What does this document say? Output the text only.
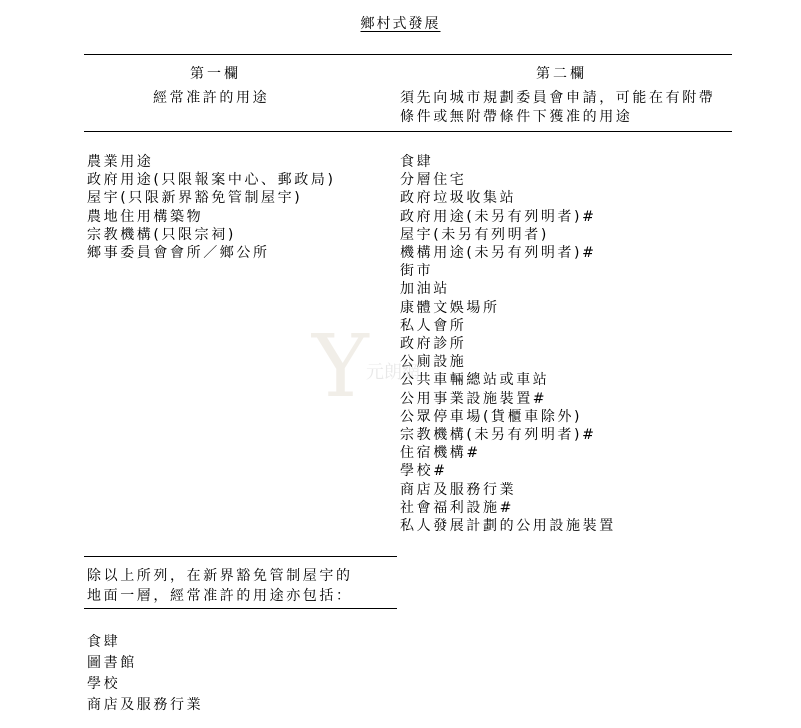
鄉村式發展
第一欄	第二欄
經常准許的用途	須先向城市規劃委員會申請，可能在有附帶
條件或無附帶條件下獲准的用途
農業用途
政府用途(只限報案中心、郵政局)
屋宇(只限新界豁免管制屋宇)
農地住用構築物
宗教機構(只限宗祠)
鄉事委員會會所／鄉公所
食肆
分層住宅
政府垃圾收集站
政府用途(未另有列明者)#
屋宇(未另有列明者)
機構用途(未另有列明者)#
街市
加油站
康體文娛場所
私人會所
政府診所
公廁設施
公共車輛總站或車站
公用事業設施裝置#
公眾停車場(貨櫃車除外)
宗教機構(未另有列明者)#
住宿機構#
學校#
商店及服務行業
社會福利設施#
私人發展計劃的公用設施裝置
除以上所列，在新界豁免管制屋宇的
地面一層，經常准許的用途亦包括：
食肆
圖書館
學校
商店及服務行業
Y
元朗網
